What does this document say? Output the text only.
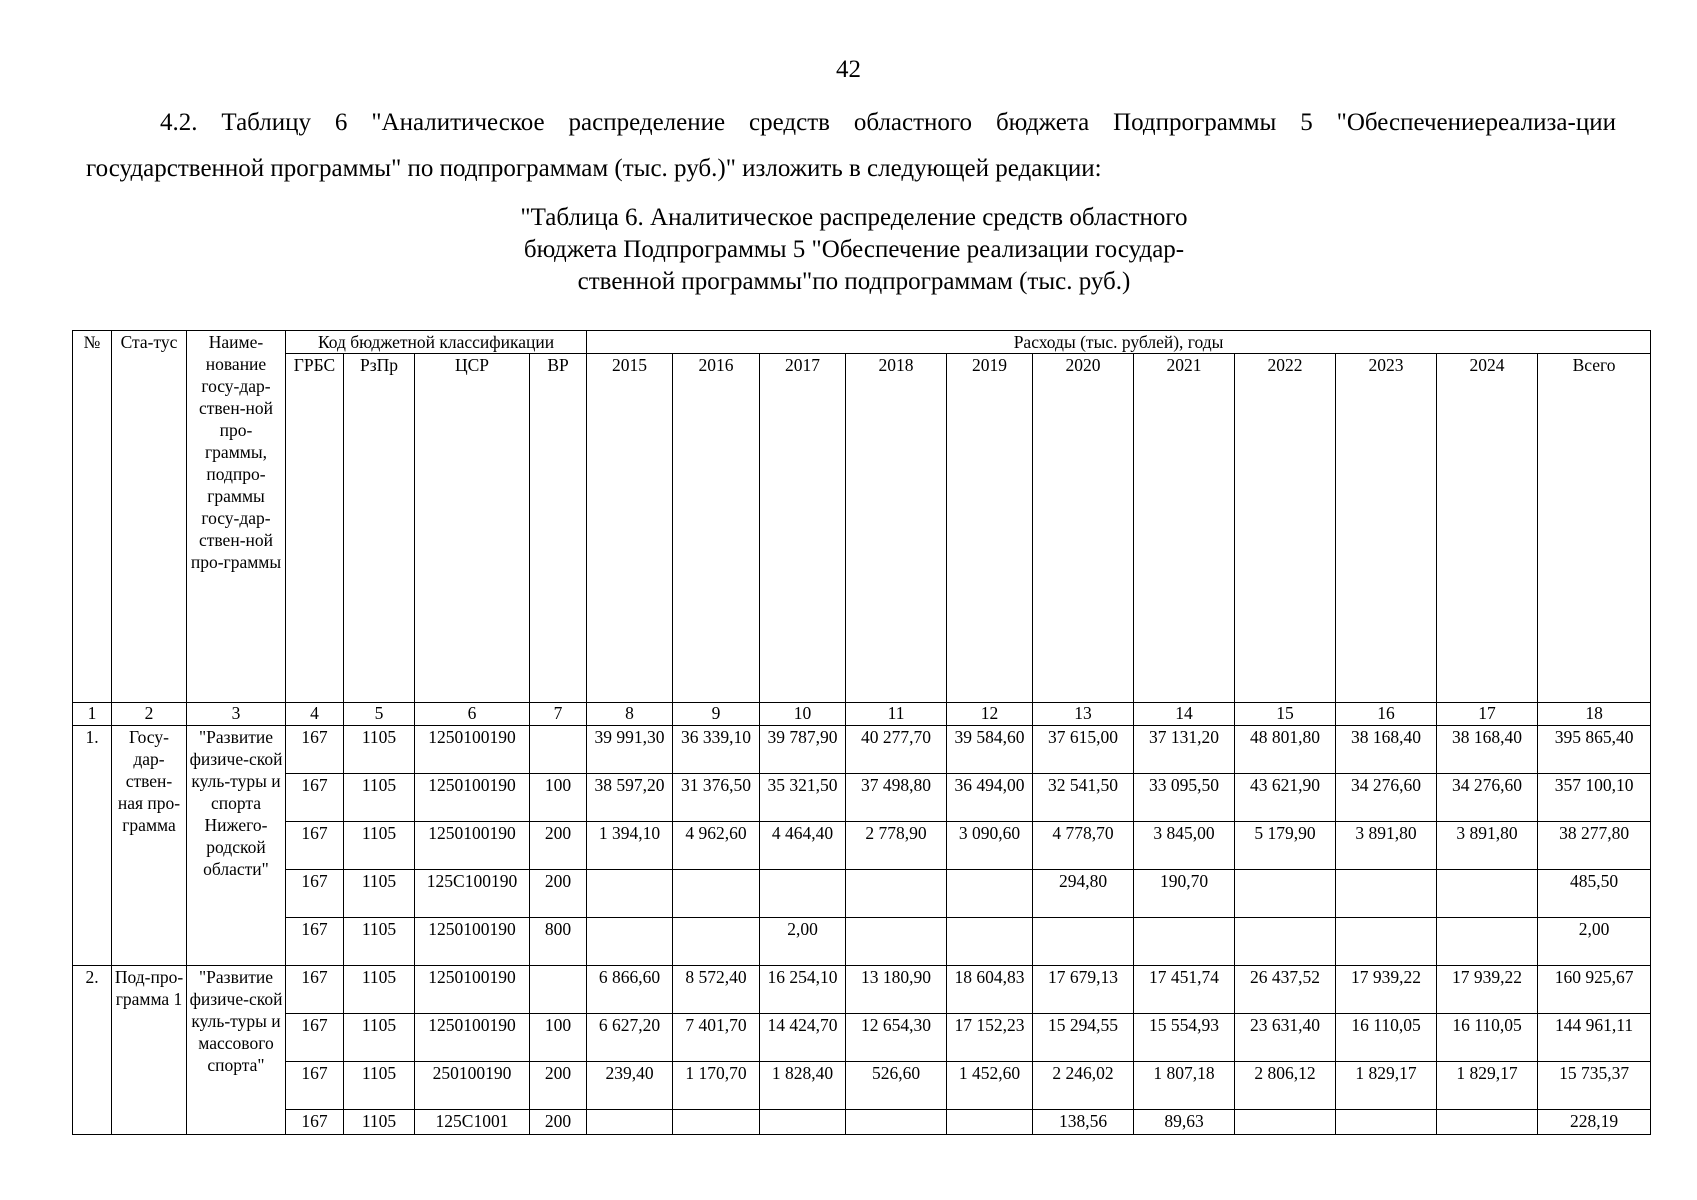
42
4.2. Таблицу 6 "Аналитическое распределение средств областного бюджета Подпрограммы 5 "Обеспечениереализа-ции государственной программы" по подпрограммам (тыс. руб.)" изложить в следующей редакции:
"Таблица 6. Аналитическое распределение средств областного
бюджета Подпрограммы 5 "Обеспечение реализации государ-
ственной программы"по подпрограммам (тыс. руб.)
№	Ста-тус	Наиме-нование госу-дар-ствен-ной про-граммы, подпро-граммы госу-дар-ствен-ной про-граммы	Код бюджетной классификации				Расходы (тыс. рублей), годы										
			ГРБС	РзПр	ЦСР	ВР	2015	2016	2017	2018	2019	2020	2021	2022	2023	2024	Всего
1	2	3	4	5	6	7	8	9	10	11	12	13	14	15	16	17	18
1.	Госу-дар-ствен-ная про-грамма	"Развитие физиче-ской куль-туры и спорта Нижего-родской области"	167	1105	1250100190		39 991,30	36 339,10	39 787,90	40 277,70	39 584,60	37 615,00	37 131,20	48 801,80	38 168,40	38 168,40	395 865,40
			167	1105	1250100190	100	38 597,20	31 376,50	35 321,50	37 498,80	36 494,00	32 541,50	33 095,50	43 621,90	34 276,60	34 276,60	357 100,10
			167	1105	1250100190	200	1 394,10	4 962,60	4 464,40	2 778,90	3 090,60	4 778,70	3 845,00	5 179,90	3 891,80	3 891,80	38 277,80
			167	1105	125С100190	200						294,80	190,70				485,50
			167	1105	1250100190	800			2,00								2,00
2.	Под-про-грамма 1	"Развитие физиче-ской куль-туры и массового спорта"	167	1105	1250100190		6 866,60	8 572,40	16 254,10	13 180,90	18 604,83	17 679,13	17 451,74	26 437,52	17 939,22	17 939,22	160 925,67
			167	1105	1250100190	100	6 627,20	7 401,70	14 424,70	12 654,30	17 152,23	15 294,55	15 554,93	23 631,40	16 110,05	16 110,05	144 961,11
			167	1105	250100190	200	239,40	1 170,70	1 828,40	526,60	1 452,60	2 246,02	1 807,18	2 806,12	1 829,17	1 829,17	15 735,37
			167	1105	125С1001	200						138,56	89,63				228,19
